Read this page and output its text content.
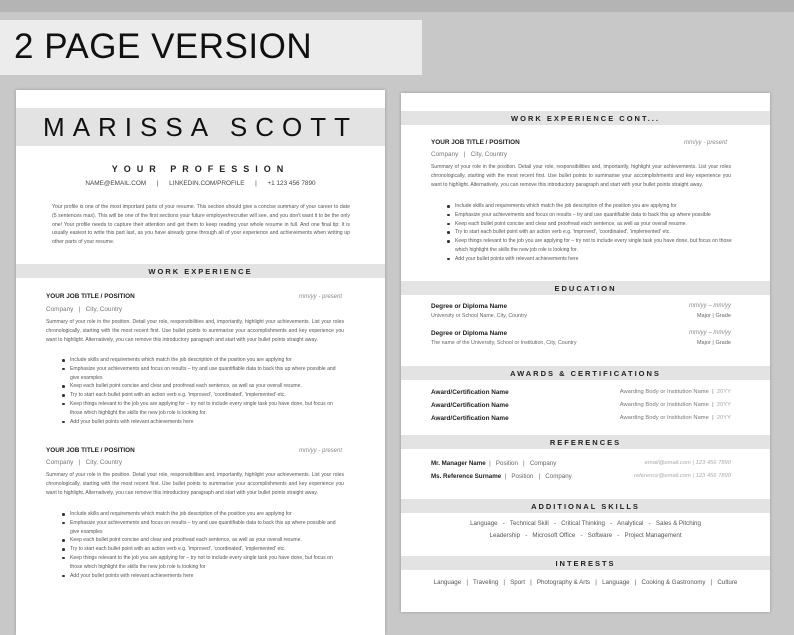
2 PAGE VERSION
MARISSA SCOTT
YOUR PROFESSION
NAME@EMAIL.COM      |      LINKEDIN.COM/PROFILE      |      +1 123 456 7890
Your profile is one of the most important parts of your resume. This section should give a concise summary of your career to date (5 sentences max). This will be one of the first sections your future employer/recruiter will see, and you don't want it to be the only one! Your profile needs to capture their attention and get them to keep reading your whole resume in full. And one final tip: It is usually easiest to write this part last, as you have already gone through all of your experience and achievements when writing up other parts of your resume.
WORK EXPERIENCE
YOUR JOB TITLE / POSITION	mm/yy - present
Company   |   City, Country
Summary of your role in the position. Detail your role, responsibilities and, importantly, highlight your achievements. List your roles chronologically, starting with the most recent first. Use bullet points to summarise your accomplishments and key experience you want to highlight. Alternatively, you can remove this introductory paragraph and start with your bullet points straight away.
Include skills and requirements which match the job description of the position you are applying for
Emphasize your achievements and focus on results – try and use quantifiable data to back this up where possible and give examples
Keep each bullet point concise and clear and proofread each sentence, as well as your overall resume.
Try to start each bullet point with an action verb e.g. 'improved', 'coordinated', 'implemented' etc.
Keep things relevant to the job you are applying for – try not to include every single task you have done, but focus on those which highlight the skills the new job role is looking for.
Add your bullet points with relevant achievements here
YOUR JOB TITLE / POSITION	mm/yy - present
Company   |   City, Country
Summary of your role in the position. Detail your role, responsibilities and, importantly, highlight your achievements. List your roles chronologically, starting with the most recent first. Use bullet points to summarise your accomplishments and key experience you want to highlight. Alternatively, you can remove this introductory paragraph and start with your bullet points straight away.
Include skills and requirements which match the job description of the position you are applying for
Emphasize your achievements and focus on results – try and use quantifiable data to back this up where possible and give examples
Keep each bullet point concise and clear and proofread each sentence, as well as your overall resume.
Try to start each bullet point with an action verb e.g. 'improved', 'coordinated', 'implemented' etc.
Keep things relevant to the job you are applying for – try not to include every single task you have done, but focus on those which highlight the skills the new job role is looking for
Add your bullet points with relevant achievements here
WORK EXPERIENCE CONT...
YOUR JOB TITLE / POSITION	mm/yy - present
Company   |   City, Country
Summary of your role in the position. Detail your role, responsibilities and, importantly, highlight your achievements. List your roles chronologically, starting with the most recent first. Use bullet points to summarise your accomplishments and key experience you want to highlight. Alternatively, you can remove this introductory paragraph and start with your bullet points straight away.
Include skills and requirements which match the job description of the position you are applying for
Emphasize your achievements and focus on results – try and use quantifiable data to back this up where possible
Keep each bullet point concise and clear and proofread each sentence, as well as your overall resume.
Try to start each bullet point with an action verb e.g. 'improved', 'coordinated', 'implemented' etc.
Keep things relevant to the job you are applying for – try not to include every single task you have done, but focus on those which highlight the skills the new job role is looking for.
Add your bullet points with relevant achievements here
EDUCATION
Degree or Diploma Name	mm/yy – mm/yy
University or School Name, City, Country	Major | Grade
Degree or Diploma Name	mm/yy – mm/yy
The name of the University, School or Institution, City, Country	Major | Grade
AWARDS & CERTIFICATIONS
Award/Certification Name	Awarding Body or Institution Name  |  20YY
Award/Certification Name	Awarding Body or Institution Name  |  20YY
Award/Certification Name	Awarding Body or Institution Name  |  20YY
REFERENCES
Mr. Manager Name  |   Position   |   Company	email@email.com | 123 456 7890
Ms. Reference Surname  |   Position   |   Company	reference@email.com | 123 456 7890
ADDITIONAL SKILLS
Language   -   Technical Skill   -   Critical Thinking   -   Analytical   -   Sales & Pitching
Leadership   -   Microsoft Office   -   Software   -   Project Management
INTERESTS
Language   |   Traveling   |   Sport   |   Photography & Arts   |   Language   |   Cooking & Gastronomy   |   Culture
